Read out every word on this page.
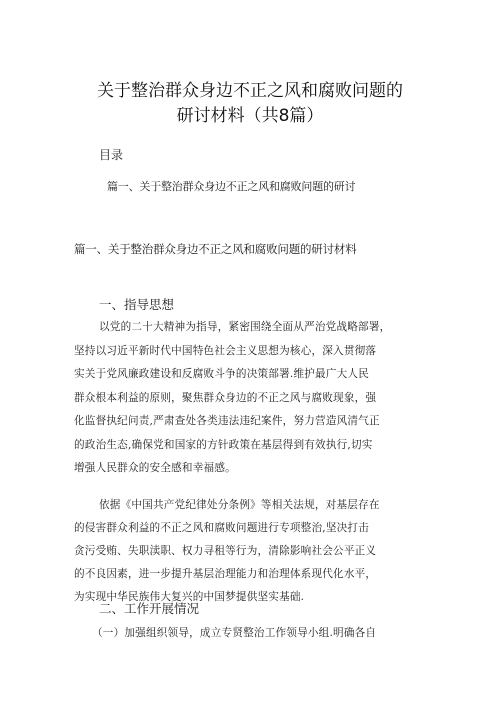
关于整治群众身边不正之风和腐败问题的
研讨材料（共8篇）
目录
篇一、关于整治群众身边不正之风和腐败问题的研讨
篇一、关于整治群众身边不正之风和腐败问题的研讨材料
一、指导思想
以党的二十大精神为指导，紧密围绕全面从严治党战略部署，
坚持以习近平新时代中国特色社会主义思想为核心，深入贯彻落
实关于党风廉政建设和反腐败斗争的决策部署.维护最广大人民
群众根本利益的原则，聚焦群众身边的不正之风与腐败现象，强
化监督执纪问责,严肃查处各类违法违纪案件，努力营造风清气正
的政治生态,确保党和国家的方针政策在基层得到有效执行,切实
增强人民群众的安全感和幸福感。
依据《中国共产党纪律处分条例》等相关法规，对基层存在
的侵害群众利益的不正之风和腐败问题进行专项整治,坚决打击
贪污受贿、失职渎职、权力寻租等行为，清除影响社会公平正义
的不良因素，进一步提升基层治理能力和治理体系现代化水平，
为实现中华民族伟大复兴的中国梦提供坚实基础.
二、工作开展情况
（一）加强组织领导，成立专贤整治工作领导小组.明确各自
